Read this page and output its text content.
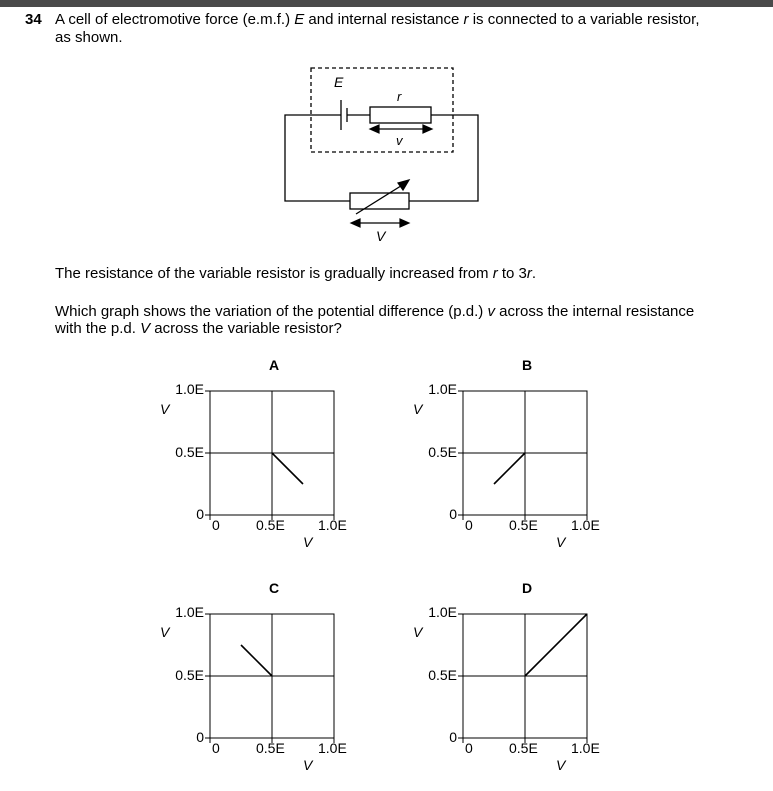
34 A cell of electromotive force (e.m.f.) E and internal resistance r is connected to a variable resistor,
as shown.
E
r
v
V
The resistance of the variable resistor is gradually increased from r to 3r.
Which graph shows the variation of the potential difference (p.d.) v across the internal resistance
with the p.d. V across the variable resistor?
A
0
0.5E
1.0E
0	0.5E 1.0E
V
V
B
0
0.5E
1.0E
0	0.5E 1.0E
V
V
C
0
0.5E
1.0E
0	0.5E 1.0E
V
V
D
0
0.5E
1.0E
0	0.5E 1.0E
V
V
